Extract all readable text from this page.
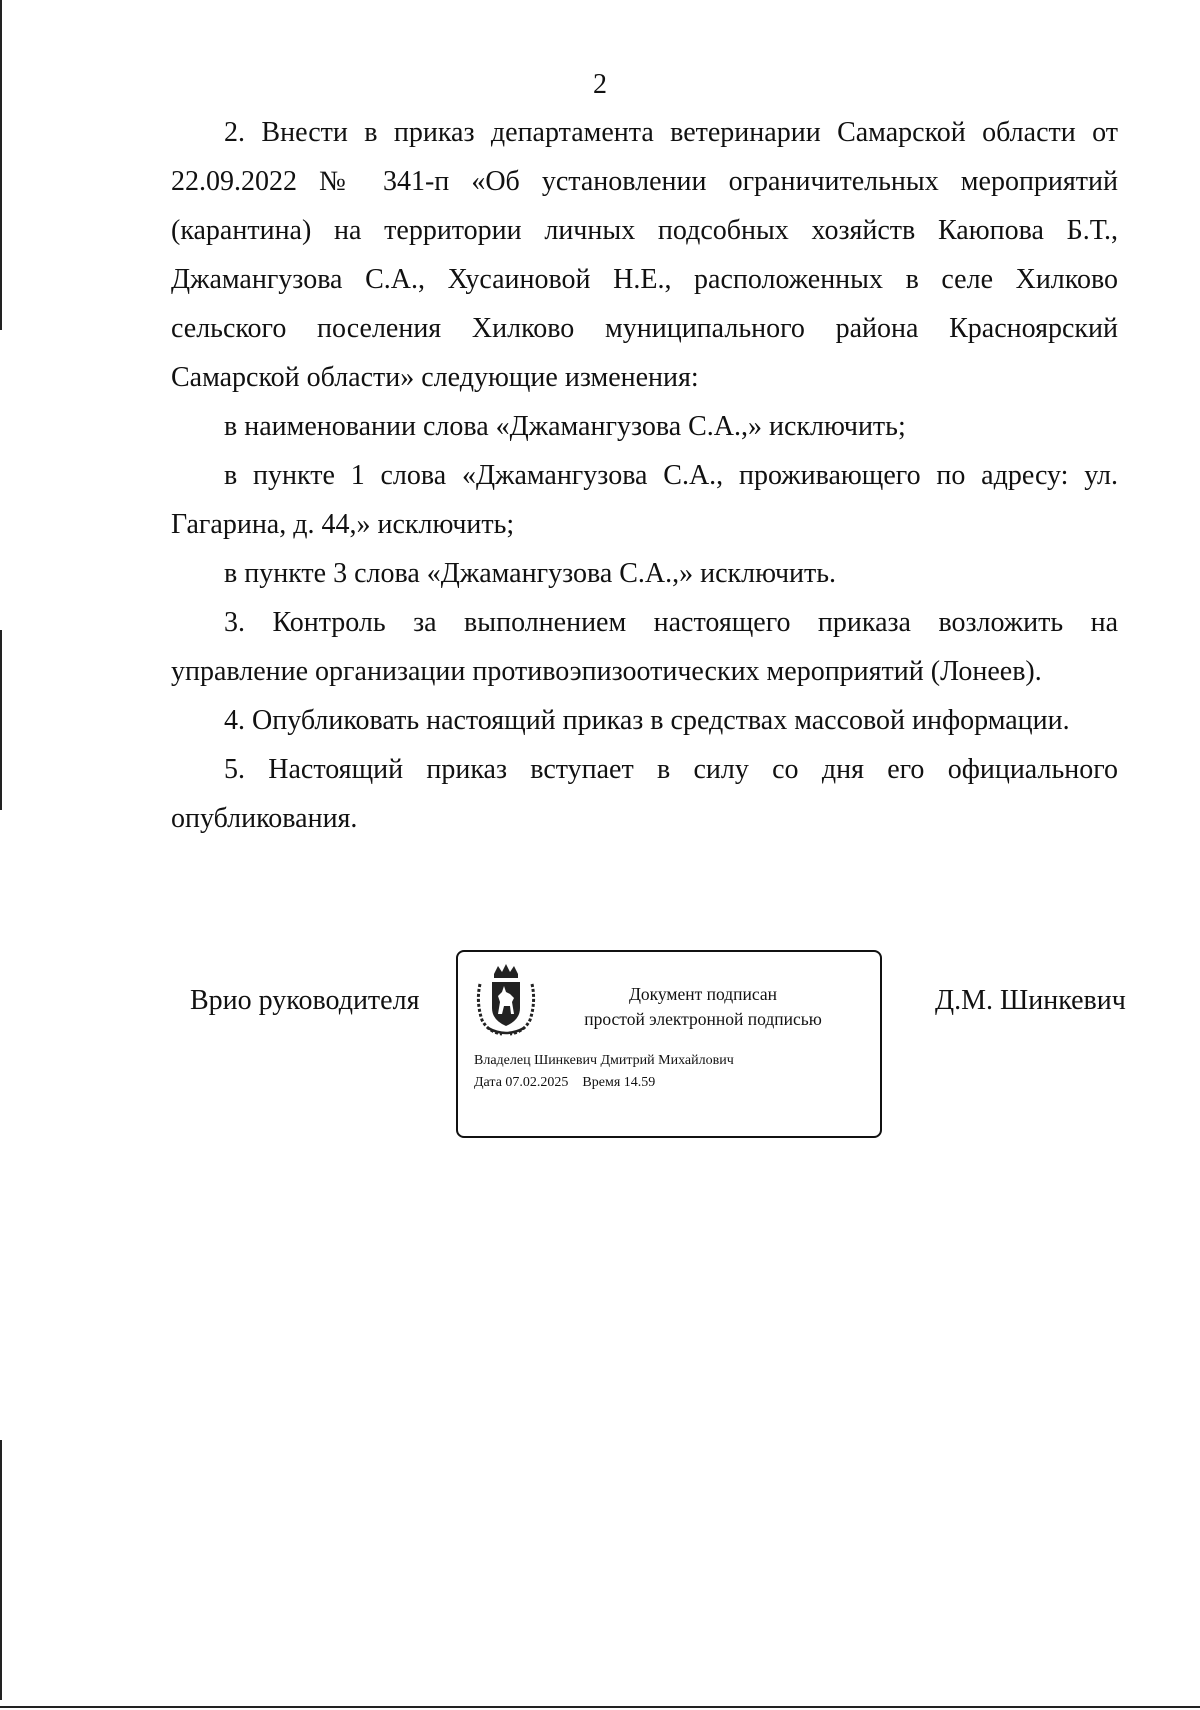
2

2. Внести в приказ департамента ветеринарии Самарской области от 22.09.2022 № 341-п «Об установлении ограничительных мероприятий (карантина) на территории личных подсобных хозяйств Каюпова Б.Т., Джамангузова С.А., Хусаиновой Н.Е., расположенных в селе Хилково сельского поселения Хилково муниципального района Красноярский Самарской области» следующие изменения:

в наименовании слова «Джамангузова С.А.,» исключить;

в пункте 1 слова «Джамангузова С.А., проживающего по адресу: ул. Гагарина, д. 44,» исключить;

в пункте 3 слова «Джамангузова С.А.,» исключить.

3. Контроль за выполнением настоящего приказа возложить на управление организации противоэпизоотических мероприятий (Лонеев).

4. Опубликовать настоящий приказ в средствах массовой информации.

5. Настоящий приказ вступает в силу со дня его официального опубликования.

Врио руководителя	Документ подписан
простой электронной подписью
Владелец Шинкевич Дмитрий Михайлович
Дата 07.02.2025 Время 14.59
Д.М. Шинкевич
